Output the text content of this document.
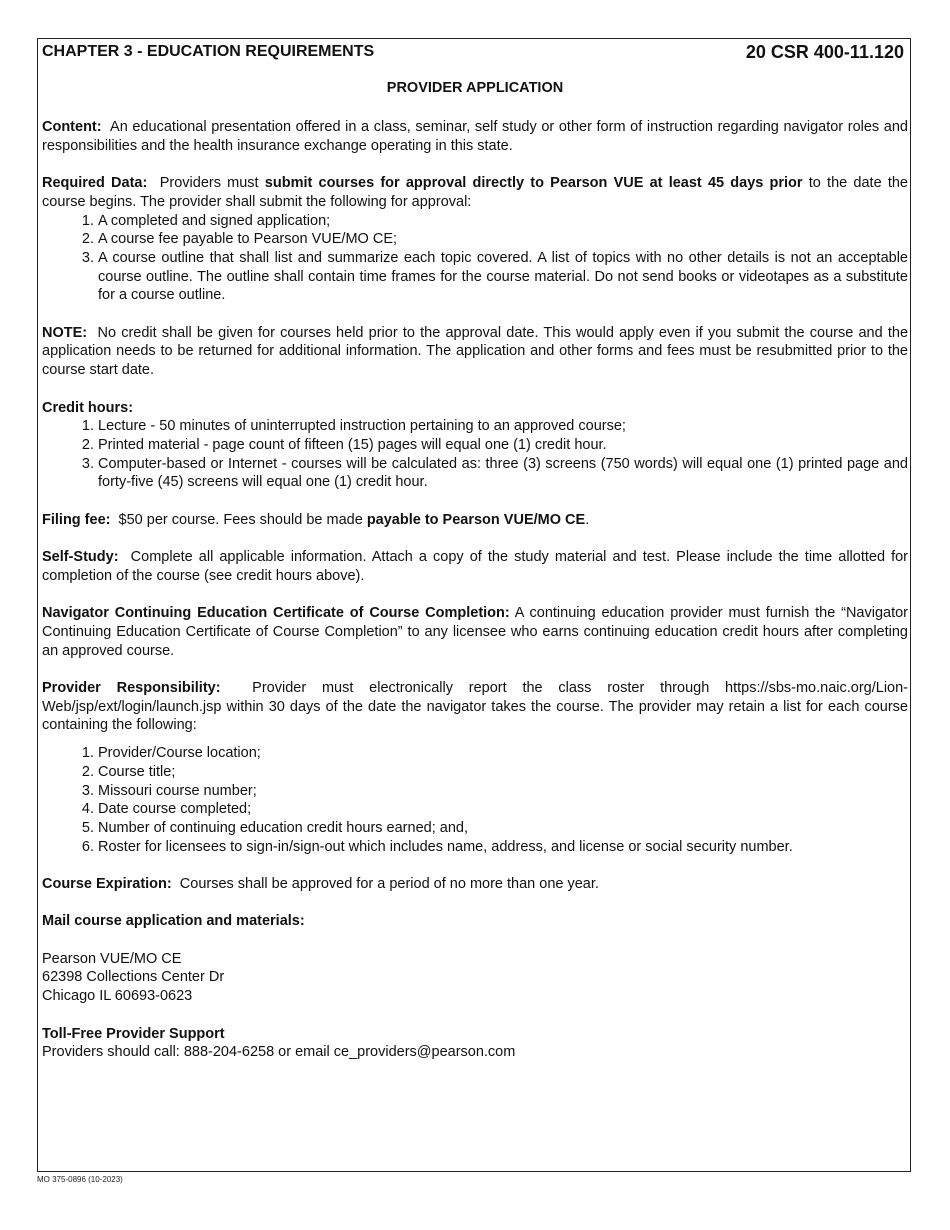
CHAPTER 3 - EDUCATION REQUIREMENTS	20 CSR 400-11.120
PROVIDER APPLICATION

Content: An educational presentation offered in a class, seminar, self study or other form of instruction regarding navigator roles and responsibilities and the health insurance exchange operating in this state.

Required Data: Providers must submit courses for approval directly to Pearson VUE at least 45 days prior to the date the course begins. The provider shall submit the following for approval:

1. A completed and signed application;
2. A course fee payable to Pearson VUE/MO CE;
3. A course outline that shall list and summarize each topic covered. A list of topics with no other details is not an acceptable course outline. The outline shall contain time frames for the course material. Do not send books or videotapes as a substitute for a course outline.

NOTE: No credit shall be given for courses held prior to the approval date. This would apply even if you submit the course and the application needs to be returned for additional information. The application and other forms and fees must be resubmitted prior to the course start date.

Credit hours:

1. Lecture - 50 minutes of uninterrupted instruction pertaining to an approved course;
2. Printed material - page count of fifteen (15) pages will equal one (1) credit hour.
3. Computer-based or Internet - courses will be calculated as: three (3) screens (750 words) will equal one (1) printed page and forty-five (45) screens will equal one (1) credit hour.

Filing fee: $50 per course. Fees should be made payable to Pearson VUE/MO CE.

Self-Study: Complete all applicable information. Attach a copy of the study material and test. Please include the time allotted for completion of the course (see credit hours above).

Navigator Continuing Education Certificate of Course Completion: A continuing education provider must furnish the “Navigator Continuing Education Certificate of Course Completion” to any licensee who earns continuing education credit hours after completing an approved course.

Provider Responsibility: Provider must electronically report the class roster through https://sbs-mo.naic.org/Lion-Web/jsp/ext/login/launch.jsp within 30 days of the date the navigator takes the course. The provider may retain a list for each course containing the following:

1. Provider/Course location;
2. Course title;
3. Missouri course number;
4. Date course completed;
5. Number of continuing education credit hours earned; and,
6. Roster for licensees to sign-in/sign-out which includes name, address, and license or social security number.

Course Expiration: Courses shall be approved for a period of no more than one year.

Mail course application and materials:

Pearson VUE/MO CE
62398 Collections Center Dr
Chicago IL 60693-0623
Toll-Free Provider Support
Providers should call: 888-204-6258 or email ce_providers@pearson.com
MO 375-0896 (10-2023)
